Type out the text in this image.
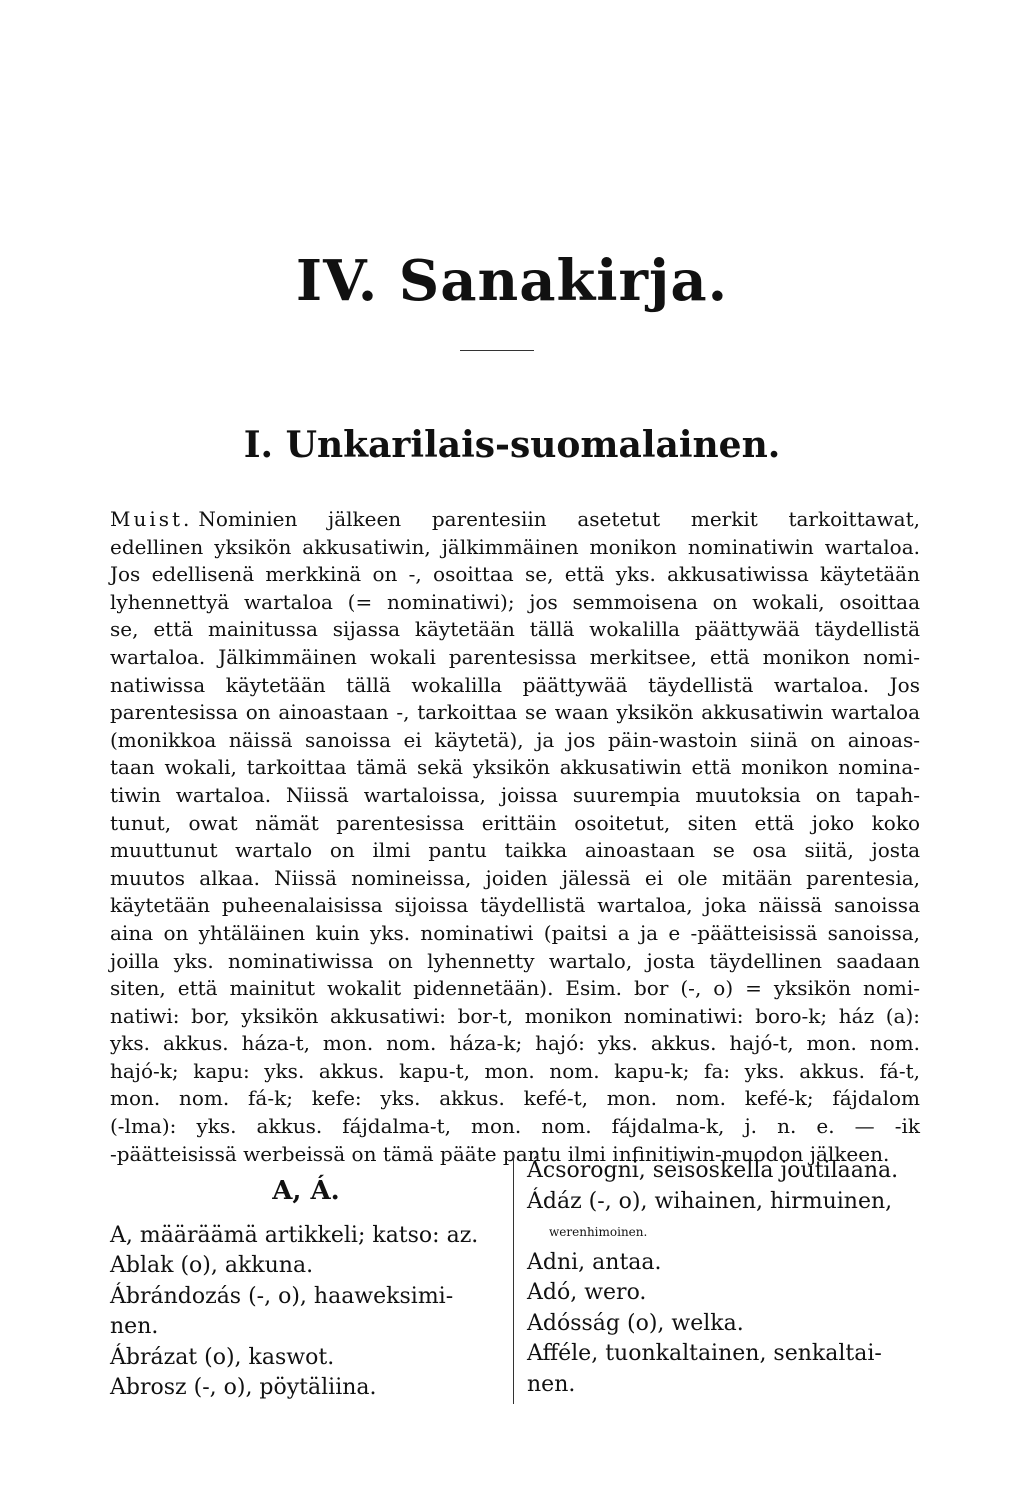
IV. Sanakirja.
I. Unkarilais-suomalainen.
Muist. Nominien jälkeen parentesiin asetetut merkit tarkoittawat,
edellinen yksikön akkusatiwin, jälkimmäinen monikon nominatiwin wartaloa.
Jos edellisenä merkkinä on -, osoittaa se, että yks. akkusatiwissa käytetään
lyhennettyä wartaloa (= nominatiwi); jos semmoisena on wokali, osoittaa
se, että mainitussa sijassa käytetään tällä wokalilla päättywää täydellistä
wartaloa. Jälkimmäinen wokali parentesissa merkitsee, että monikon nomi-
natiwissa käytetään tällä wokalilla päättywää täydellistä wartaloa. Jos
parentesissa on ainoastaan -, tarkoittaa se waan yksikön akkusatiwin wartaloa
(monikkoa näissä sanoissa ei käytetä), ja jos päin-wastoin siinä on ainoas-
taan wokali, tarkoittaa tämä sekä yksikön akkusatiwin että monikon nomina-
tiwin wartaloa. Niissä wartaloissa, joissa suurempia muutoksia on tapah-
tunut, owat nämät parentesissa erittäin osoitetut, siten että joko koko
muuttunut wartalo on ilmi pantu taikka ainoastaan se osa siitä, josta
muutos alkaa. Niissä nomineissa, joiden jälessä ei ole mitään parentesia,
käytetään puheenalaisissa sijoissa täydellistä wartaloa, joka näissä sanoissa
aina on yhtäläinen kuin yks. nominatiwi (paitsi a ja e -päätteisissä sanoissa,
joilla yks. nominatiwissa on lyhennetty wartalo, josta täydellinen saadaan
siten, että mainitut wokalit pidennetään). Esim. bor (-, o) = yksikön nomi-
natiwi: bor, yksikön akkusatiwi: bor-t, monikon nominatiwi: boro-k; ház (a):
yks. akkus. háza-t, mon. nom. háza-k; hajó: yks. akkus. hajó-t, mon. nom.
hajó-k; kapu: yks. akkus. kapu-t, mon. nom. kapu-k; fa: yks. akkus. fá-t,
mon. nom. fá-k; kefe: yks. akkus. kefé-t, mon. nom. kefé-k; fájdalom
(-lma): yks. akkus. fájdalma-t, mon. nom. fájdalma-k, j. n. e. — -ik
-päätteisissä werbeissä on tämä pääte pantu ilmi infinitiwin-muodon jälkeen.
A, Á.
A, määräämä artikkeli; katso: az.
Ablak (o), akkuna.
Ábrándozás (-, o), haaweksimi-
nen.
Ábrázat (o), kaswot.
Abrosz (-, o), pöytäliina.
Ácsorogni, seisoskella joutilaana.
Ádáz (-, o), wihainen, hirmuinen,
werenhimoinen.
Adni, antaa.
Adó, wero.
Adósság (o), welka.
Afféle, tuonkaltainen, senkaltai-
nen.
